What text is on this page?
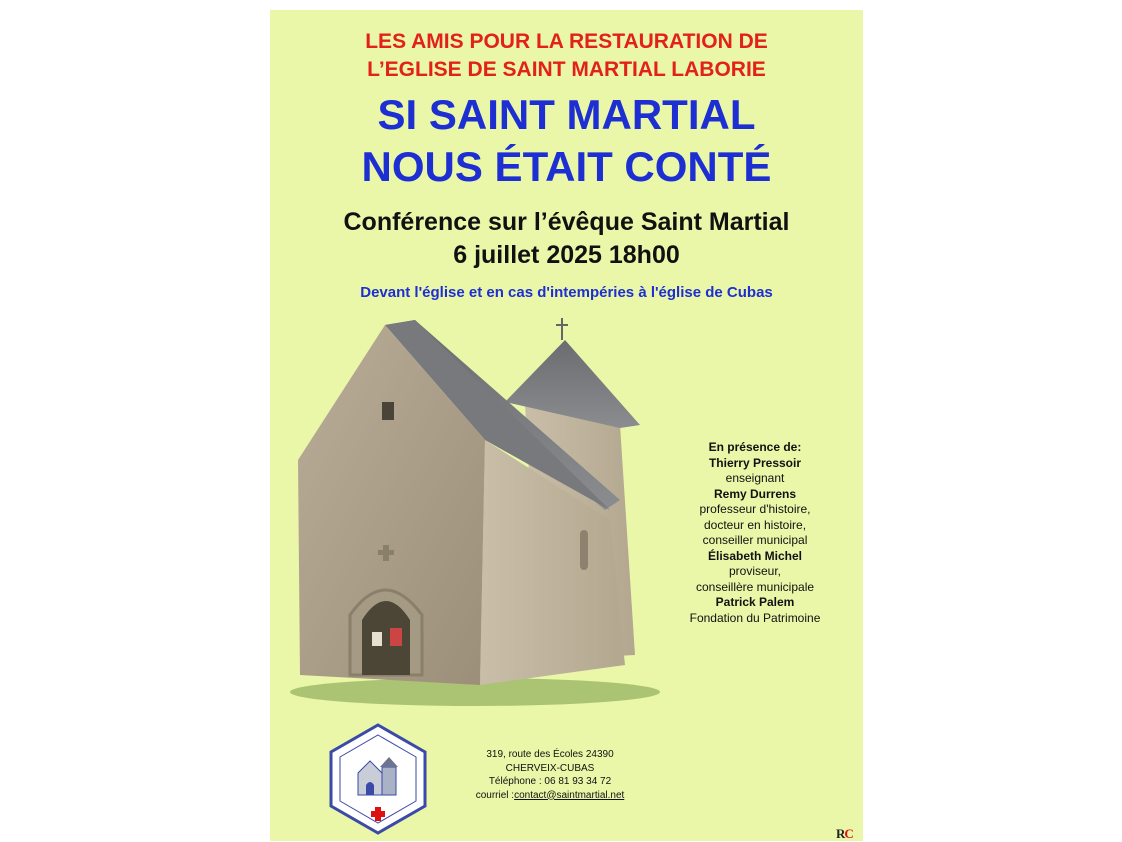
LES AMIS POUR LA RESTAURATION DE
L’EGLISE DE SAINT MARTIAL LABORIE
SI SAINT MARTIAL
NOUS ÉTAIT CONTÉ
Conférence sur l’évêque Saint Martial
6 juillet 2025 18h00
Devant l'église et en cas d'intempéries à l'église de Cubas
En présence de:
Thierry Pressoir
enseignant
Remy Durrens
professeur d'histoire,
docteur en histoire,
conseiller municipal
Élisabeth Michel
proviseur,
conseillère municipale
Patrick Palem
Fondation du Patrimoine
319, route des Écoles 24390
CHERVEIX-CUBAS
Téléphone : 06 81 93 34 72
courriel :contact@saintmartial.net
RC
